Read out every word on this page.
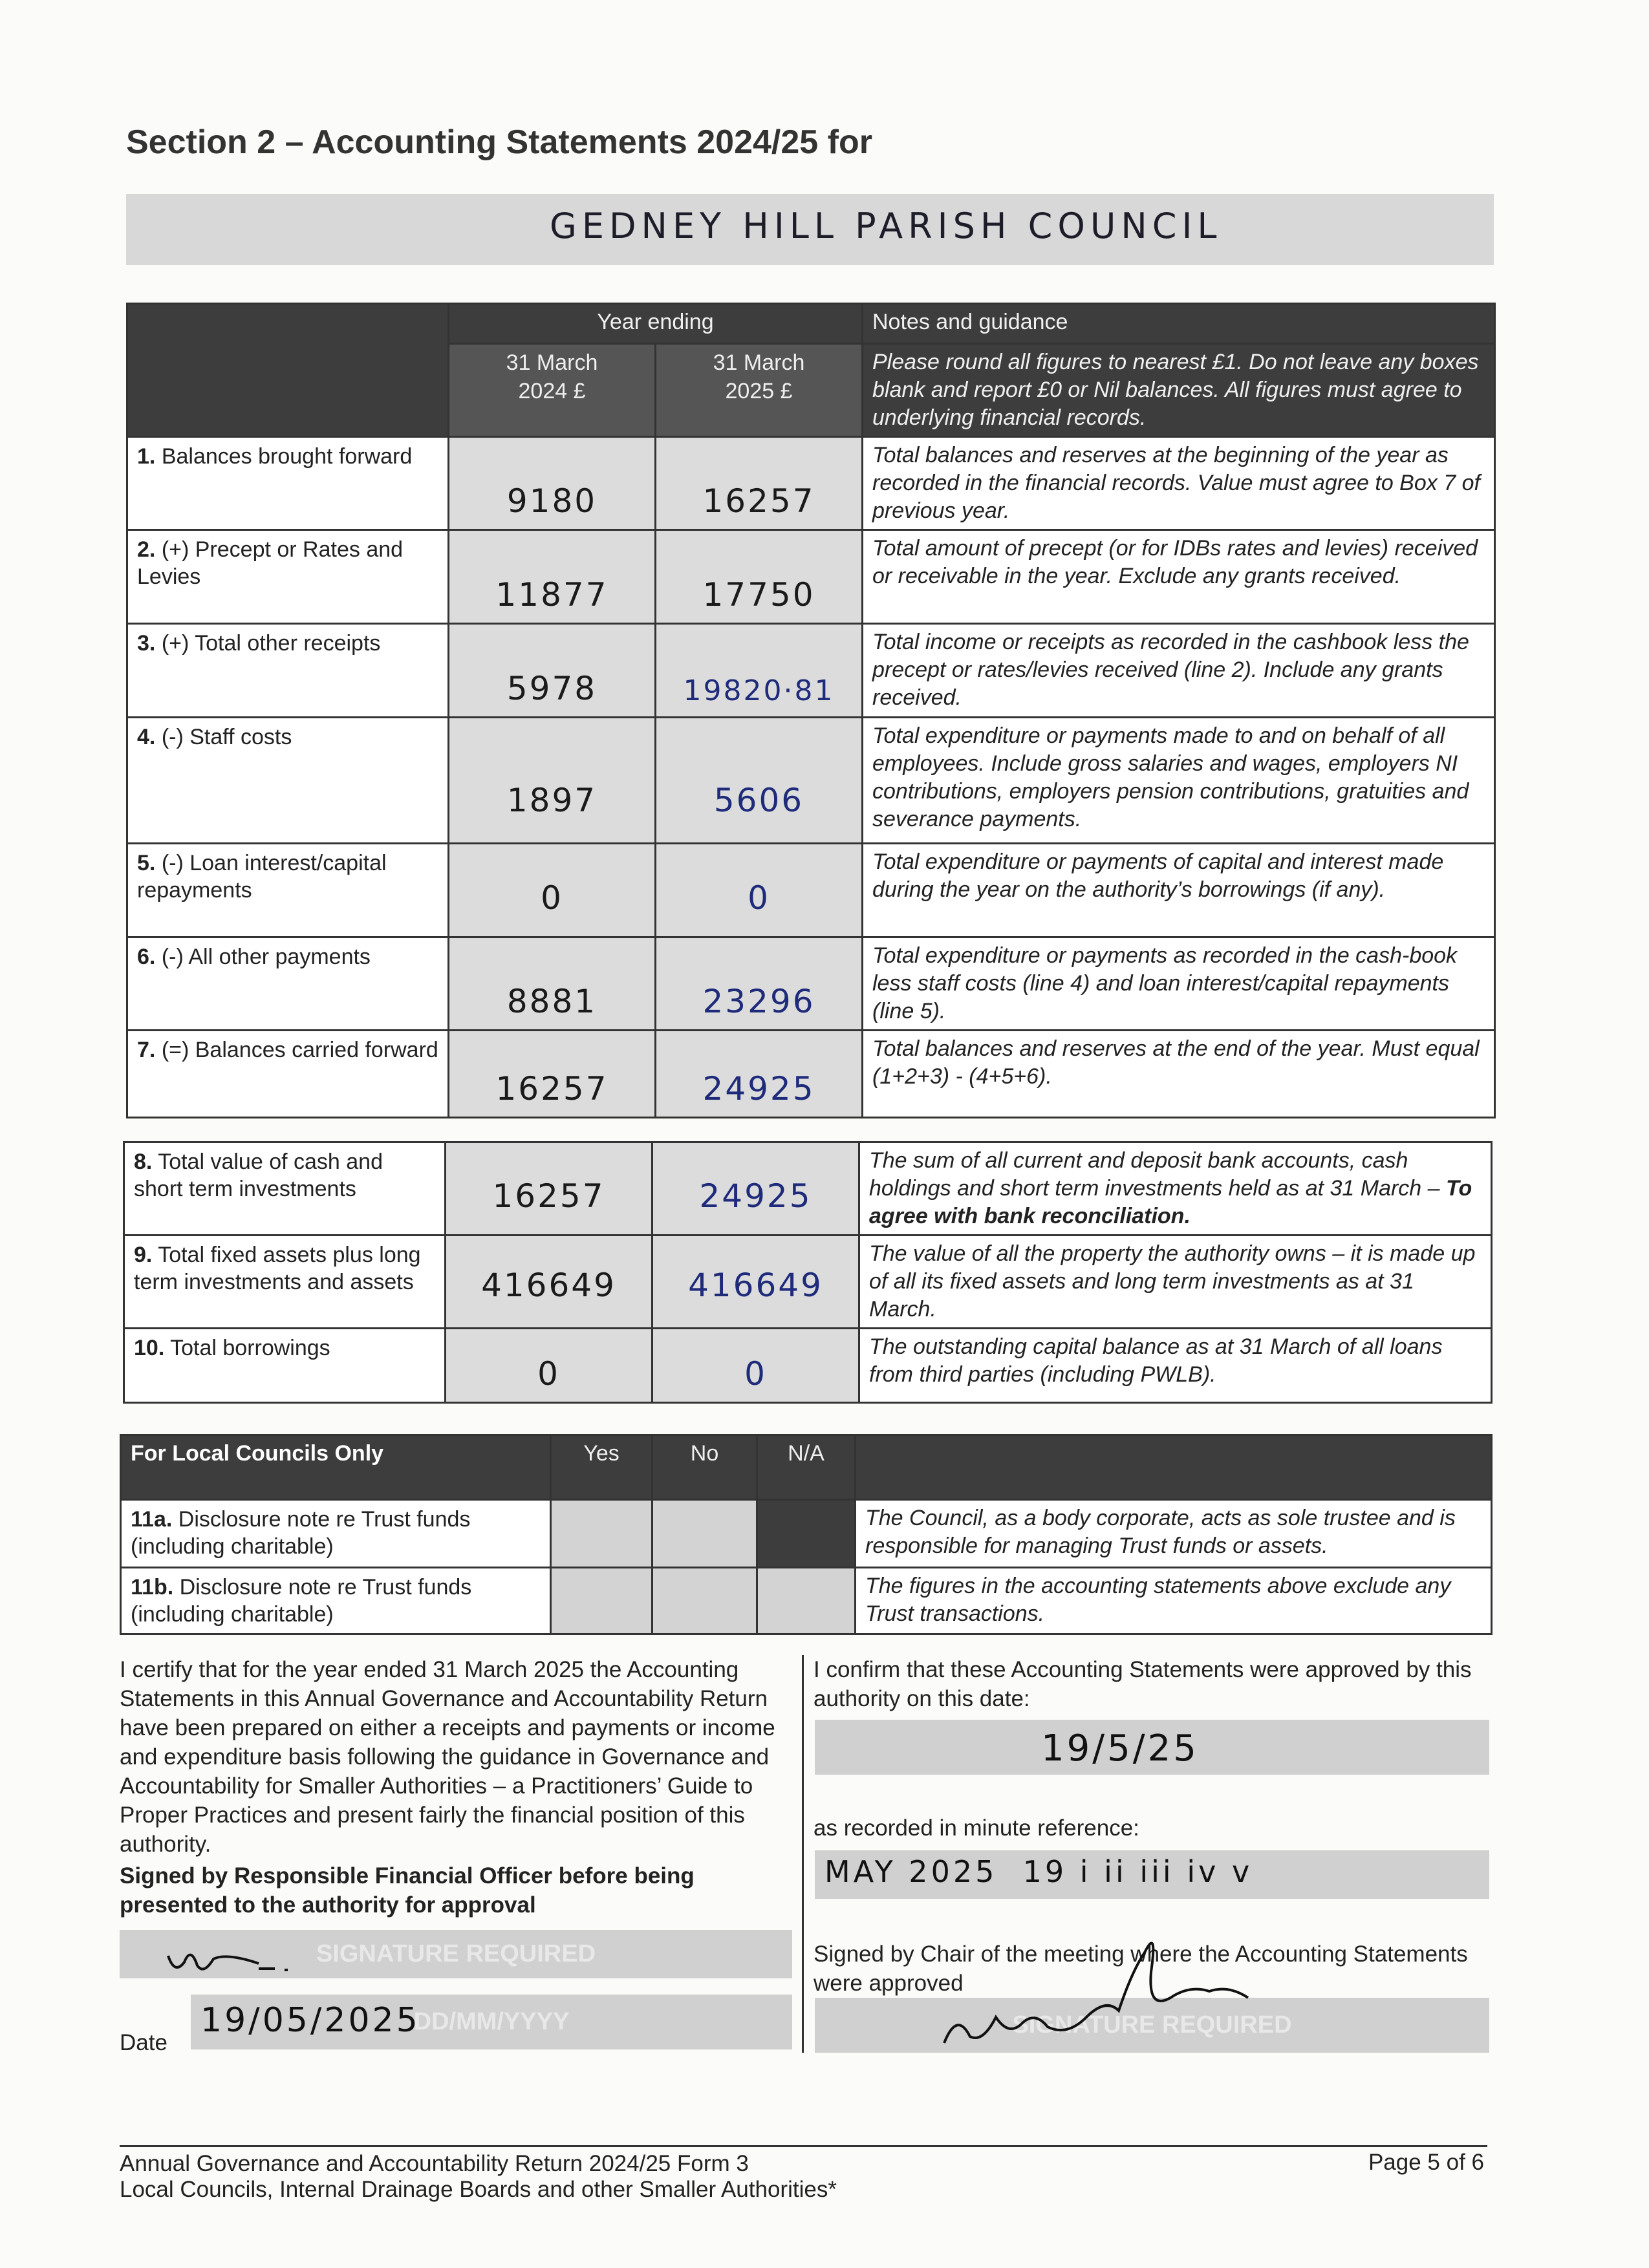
Section 2 – Accounting Statements 2024/25 for
GEDNEY HILL PARISH COUNCIL
	Year ending		Notes and guidance

	31 March 2024 £	31 March 2025 £	Please round all figures to nearest £1. Do not leave any boxes blank and report £0 or Nil balances. All figures must agree to underlying financial records.
1. Balances brought forward	9180	16257	Total balances and reserves at the beginning of the year as recorded in the financial records. Value must agree to Box 7 of previous year.
2. (+) Precept or Rates and Levies	11877	17750	Total amount of precept (or for IDBs rates and levies) received or receivable in the year. Exclude any grants received.
3. (+) Total other receipts	5978	19820·81	Total income or receipts as recorded in the cashbook less the precept or rates/levies received (line 2). Include any grants received.
4. (-) Staff costs	1897	5606	Total expenditure or payments made to and on behalf of all employees. Include gross salaries and wages, employers NI contributions, employers pension contributions, gratuities and severance payments.
5. (-) Loan interest/capital repayments	0	0	Total expenditure or payments of capital and interest made during the year on the authority’s borrowings (if any).
6. (-) All other payments	8881	23296	Total expenditure or payments as recorded in the cash-book less staff costs (line 4) and loan interest/capital repayments (line 5).
7. (=) Balances carried forward	16257	24925	Total balances and reserves at the end of the year. Must equal (1+2+3) - (4+5+6).
8. Total value of cash and short term investments	16257	24925	The sum of all current and deposit bank accounts, cash holdings and short term investments held as at 31 March – To agree with bank reconciliation.
9. Total fixed assets plus long term investments and assets	416649	416649	The value of all the property the authority owns – it is made up of all its fixed assets and long term investments as at 31 March.
10. Total borrowings	0	0	The outstanding capital balance as at 31 March of all loans from third parties (including PWLB).
For Local Councils Only	Yes	No	N/A	
11a. Disclosure note re Trust funds (including charitable)				The Council, as a body corporate, acts as sole trustee and is responsible for managing Trust funds or assets.
11b. Disclosure note re Trust funds (including charitable)				The figures in the accounting statements above exclude any Trust transactions.
I certify that for the year ended 31 March 2025 the Accounting Statements in this Annual Governance and Accountability Return have been prepared on either a receipts and payments or income and expenditure basis following the guidance in Governance and Accountability for Smaller Authorities – a Practitioners’ Guide to Proper Practices and present fairly the financial position of this authority.
Signed by Responsible Financial Officer before being presented to the authority for approval
SIGNATURE REQUIRED
Date
DD/MM/YYYY
19/05/2025
I confirm that these Accounting Statements were approved by this authority on this date:
19/5/25
as recorded in minute reference:
MAY 2025  19 i ii iii iv v
Signed by Chair of the meeting where the Accounting Statements were approved
SIGNATURE REQUIRED
Annual Governance and Accountability Return 2024/25 Form 3
Local Councils, Internal Drainage Boards and other Smaller Authorities*
Page 5 of 6
